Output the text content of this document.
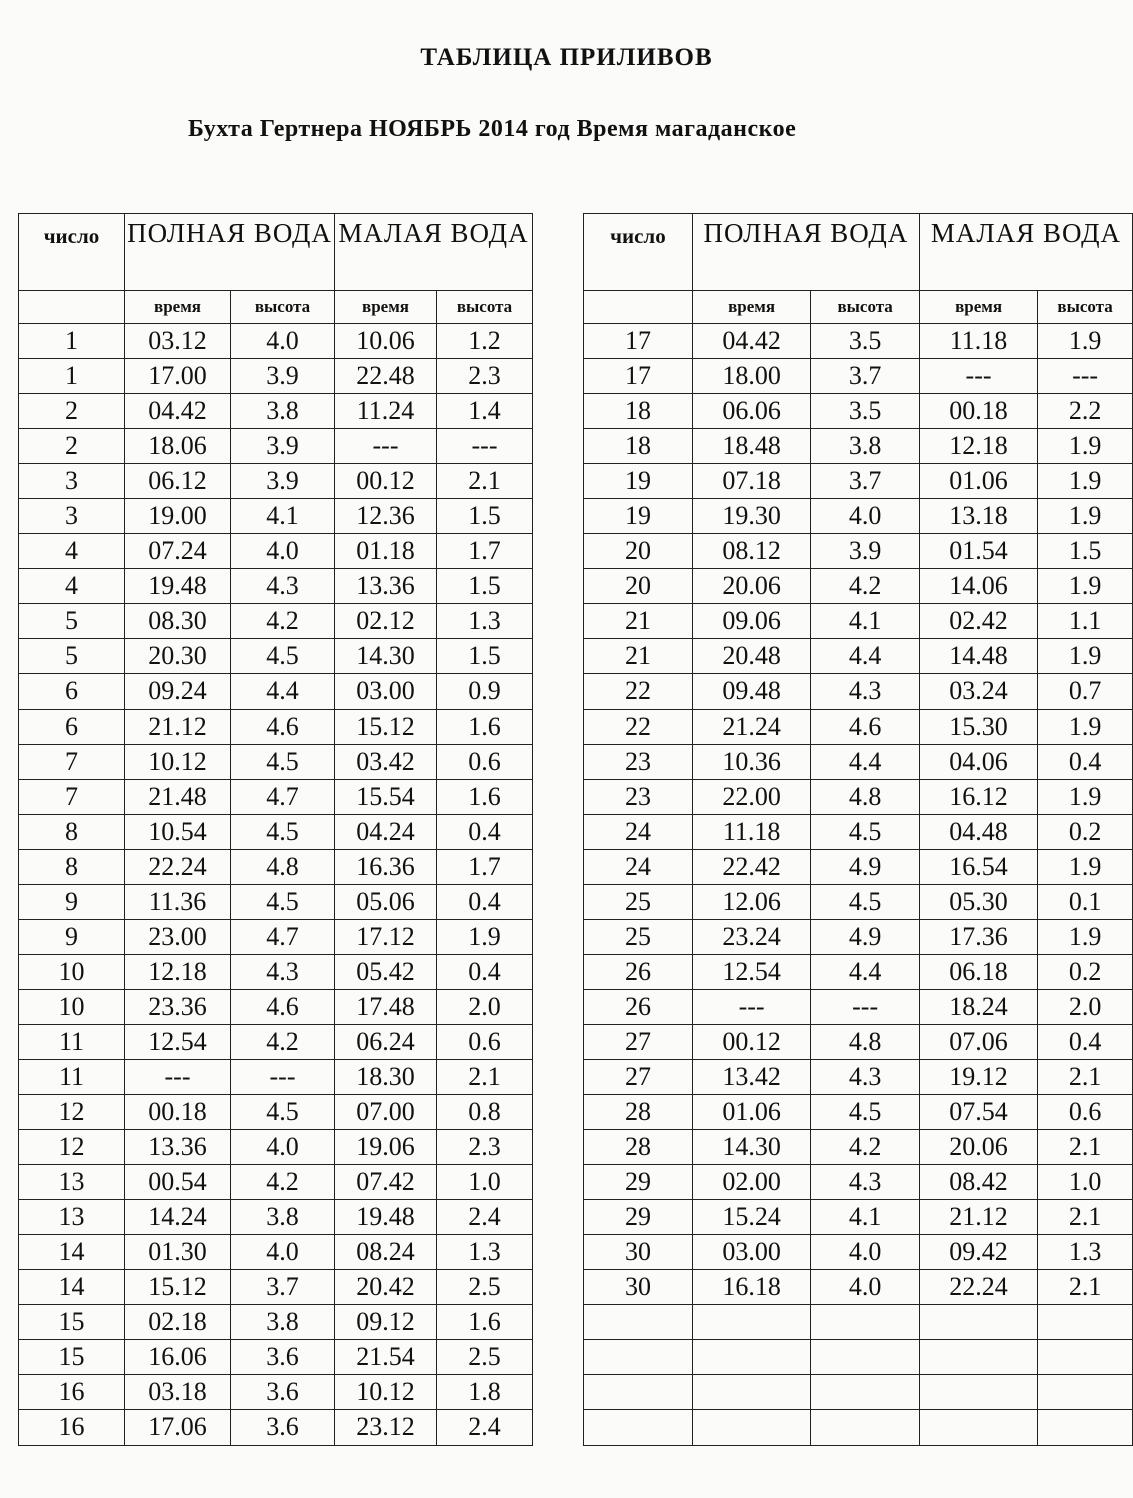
ТАБЛИЦА ПРИЛИВОВ
Бухта Гертнера НОЯБРЬ 2014 год Время магаданское
число	ПОЛНАЯ ВОДА		МАЛАЯ ВОДА	
	время	высота	время	высота
1	03.12	4.0	10.06	1.2
1	17.00	3.9	22.48	2.3
2	04.42	3.8	11.24	1.4
2	18.06	3.9	---	---
3	06.12	3.9	00.12	2.1
3	19.00	4.1	12.36	1.5
4	07.24	4.0	01.18	1.7
4	19.48	4.3	13.36	1.5
5	08.30	4.2	02.12	1.3
5	20.30	4.5	14.30	1.5
6	09.24	4.4	03.00	0.9
6	21.12	4.6	15.12	1.6
7	10.12	4.5	03.42	0.6
7	21.48	4.7	15.54	1.6
8	10.54	4.5	04.24	0.4
8	22.24	4.8	16.36	1.7
9	11.36	4.5	05.06	0.4
9	23.00	4.7	17.12	1.9
10	12.18	4.3	05.42	0.4
10	23.36	4.6	17.48	2.0
11	12.54	4.2	06.24	0.6
11	---	---	18.30	2.1
12	00.18	4.5	07.00	0.8
12	13.36	4.0	19.06	2.3
13	00.54	4.2	07.42	1.0
13	14.24	3.8	19.48	2.4
14	01.30	4.0	08.24	1.3
14	15.12	3.7	20.42	2.5
15	02.18	3.8	09.12	1.6
15	16.06	3.6	21.54	2.5
16	03.18	3.6	10.12	1.8
16	17.06	3.6	23.12	2.4
число	ПОЛНАЯ ВОДА		МАЛАЯ ВОДА	
	время	высота	время	высота
17	04.42	3.5	11.18	1.9
17	18.00	3.7	---	---
18	06.06	3.5	00.18	2.2
18	18.48	3.8	12.18	1.9
19	07.18	3.7	01.06	1.9
19	19.30	4.0	13.18	1.9
20	08.12	3.9	01.54	1.5
20	20.06	4.2	14.06	1.9
21	09.06	4.1	02.42	1.1
21	20.48	4.4	14.48	1.9
22	09.48	4.3	03.24	0.7
22	21.24	4.6	15.30	1.9
23	10.36	4.4	04.06	0.4
23	22.00	4.8	16.12	1.9
24	11.18	4.5	04.48	0.2
24	22.42	4.9	16.54	1.9
25	12.06	4.5	05.30	0.1
25	23.24	4.9	17.36	1.9
26	12.54	4.4	06.18	0.2
26	---	---	18.24	2.0
27	00.12	4.8	07.06	0.4
27	13.42	4.3	19.12	2.1
28	01.06	4.5	07.54	0.6
28	14.30	4.2	20.06	2.1
29	02.00	4.3	08.42	1.0
29	15.24	4.1	21.12	2.1
30	03.00	4.0	09.42	1.3
30	16.18	4.0	22.24	2.1
